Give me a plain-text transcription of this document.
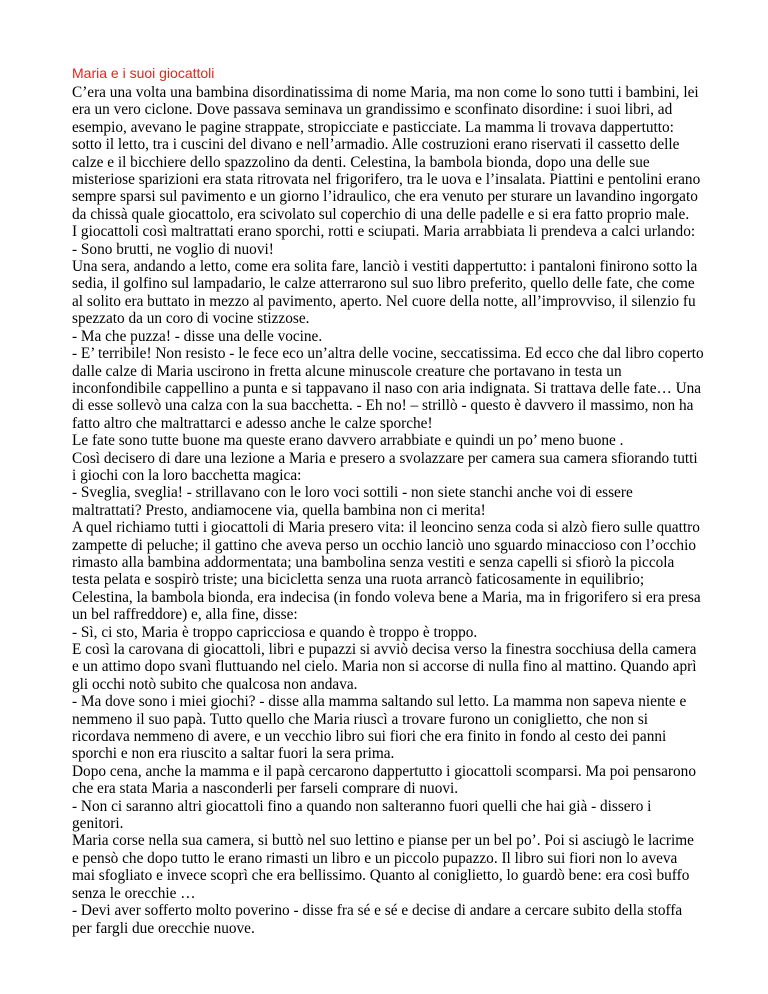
Maria e i suoi giocattoli

C’era una volta una bambina disordinatissima di nome Maria, ma non come lo sono tutti i bambini, lei era un vero ciclone. Dove passava seminava un grandissimo e sconfinato disordine: i suoi libri, ad esempio, avevano le pagine strappate, stropicciate e pasticciate. La mamma li trovava dappertutto: sotto il letto, tra i cuscini del divano e nell’armadio. Alle costruzioni erano riservati il cassetto delle calze e il bicchiere dello spazzolino da denti. Celestina, la bambola bionda, dopo una delle sue misteriose sparizioni era stata ritrovata nel frigorifero, tra le uova e l’insalata. Piattini e pentolini erano sempre sparsi sul pavimento e un giorno l’idraulico, che era venuto per sturare un lavandino ingorgato da chissà quale giocattolo, era scivolato sul coperchio di una delle padelle e si era fatto proprio male.

I giocattoli così maltrattati erano sporchi, rotti e sciupati. Maria arrabbiata li prendeva a calci urlando:

- Sono brutti, ne voglio di nuovi!

Una sera, andando a letto, come era solita fare, lanciò i vestiti dappertutto: i pantaloni finirono sotto la sedia, il golfino sul lampadario, le calze atterrarono sul suo libro preferito, quello delle fate, che come al solito era buttato in mezzo al pavimento, aperto. Nel cuore della notte, all’improvviso, il silenzio fu spezzato da un coro di vocine stizzose.

- Ma che puzza! - disse una delle vocine.

- E’ terribile! Non resisto - le fece eco un’altra delle vocine, seccatissima. Ed ecco che dal libro coperto dalle calze di Maria uscirono in fretta alcune minuscole creature che portavano in testa un inconfondibile cappellino a punta e si tappavano il naso con aria indignata. Si trattava delle fate… Una di esse sollevò una calza con la sua bacchetta. - Eh no! – strillò - questo è davvero il massimo, non ha fatto altro che maltrattarci e adesso anche le calze sporche!

Le fate sono tutte buone ma queste erano davvero arrabbiate e quindi un po’ meno buone .

Così decisero di dare una lezione a Maria e presero a svolazzare per camera sua camera sfiorando tutti i giochi con la loro bacchetta magica:

- Sveglia, sveglia! - strillavano con le loro voci sottili - non siete stanchi anche voi di essere maltrattati? Presto, andiamocene via, quella bambina non ci merita!

A quel richiamo tutti i giocattoli di Maria presero vita: il leoncino senza coda si alzò fiero sulle quattro zampette di peluche; il gattino che aveva perso un occhio lanciò uno sguardo minaccioso con l’occhio rimasto alla bambina addormentata; una bambolina senza vestiti e senza capelli si sfiorò la piccola testa pelata e sospirò triste; una bicicletta senza una ruota arrancò faticosamente in equilibrio; Celestina, la bambola bionda, era indecisa (in fondo voleva bene a Maria, ma in frigorifero si era presa un bel raffreddore) e, alla fine, disse:

- Sì, ci sto, Maria è troppo capricciosa e quando è troppo è troppo.

E così la carovana di giocattoli, libri e pupazzi si avviò decisa verso la finestra socchiusa della camera e un attimo dopo svanì fluttuando nel cielo. Maria non si accorse di nulla fino al mattino. Quando aprì gli occhi notò subito che qualcosa non andava.

- Ma dove sono i miei giochi? - disse alla mamma saltando sul letto. La mamma non sapeva niente e nemmeno il suo papà. Tutto quello che Maria riuscì a trovare furono un coniglietto, che non si ricordava nemmeno di avere, e un vecchio libro sui fiori che era finito in fondo al cesto dei panni sporchi e non era riuscito a saltar fuori la sera prima.

Dopo cena, anche la mamma e il papà cercarono dappertutto i giocattoli scomparsi. Ma poi pensarono che era stata Maria a nasconderli per farseli comprare di nuovi.

- Non ci saranno altri giocattoli fino a quando non salteranno fuori quelli che hai già - dissero i genitori.

Maria corse nella sua camera, si buttò nel suo lettino e pianse per un bel po’. Poi si asciugò le lacrime e pensò che dopo tutto le erano rimasti un libro e un piccolo pupazzo. Il libro sui fiori non lo aveva mai sfogliato e invece scoprì che era bellissimo. Quanto al coniglietto, lo guardò bene: era così buffo senza le orecchie …

- Devi aver sofferto molto poverino - disse fra sé e sé e decise di andare a cercare subito della stoffa per fargli due orecchie nuove.
